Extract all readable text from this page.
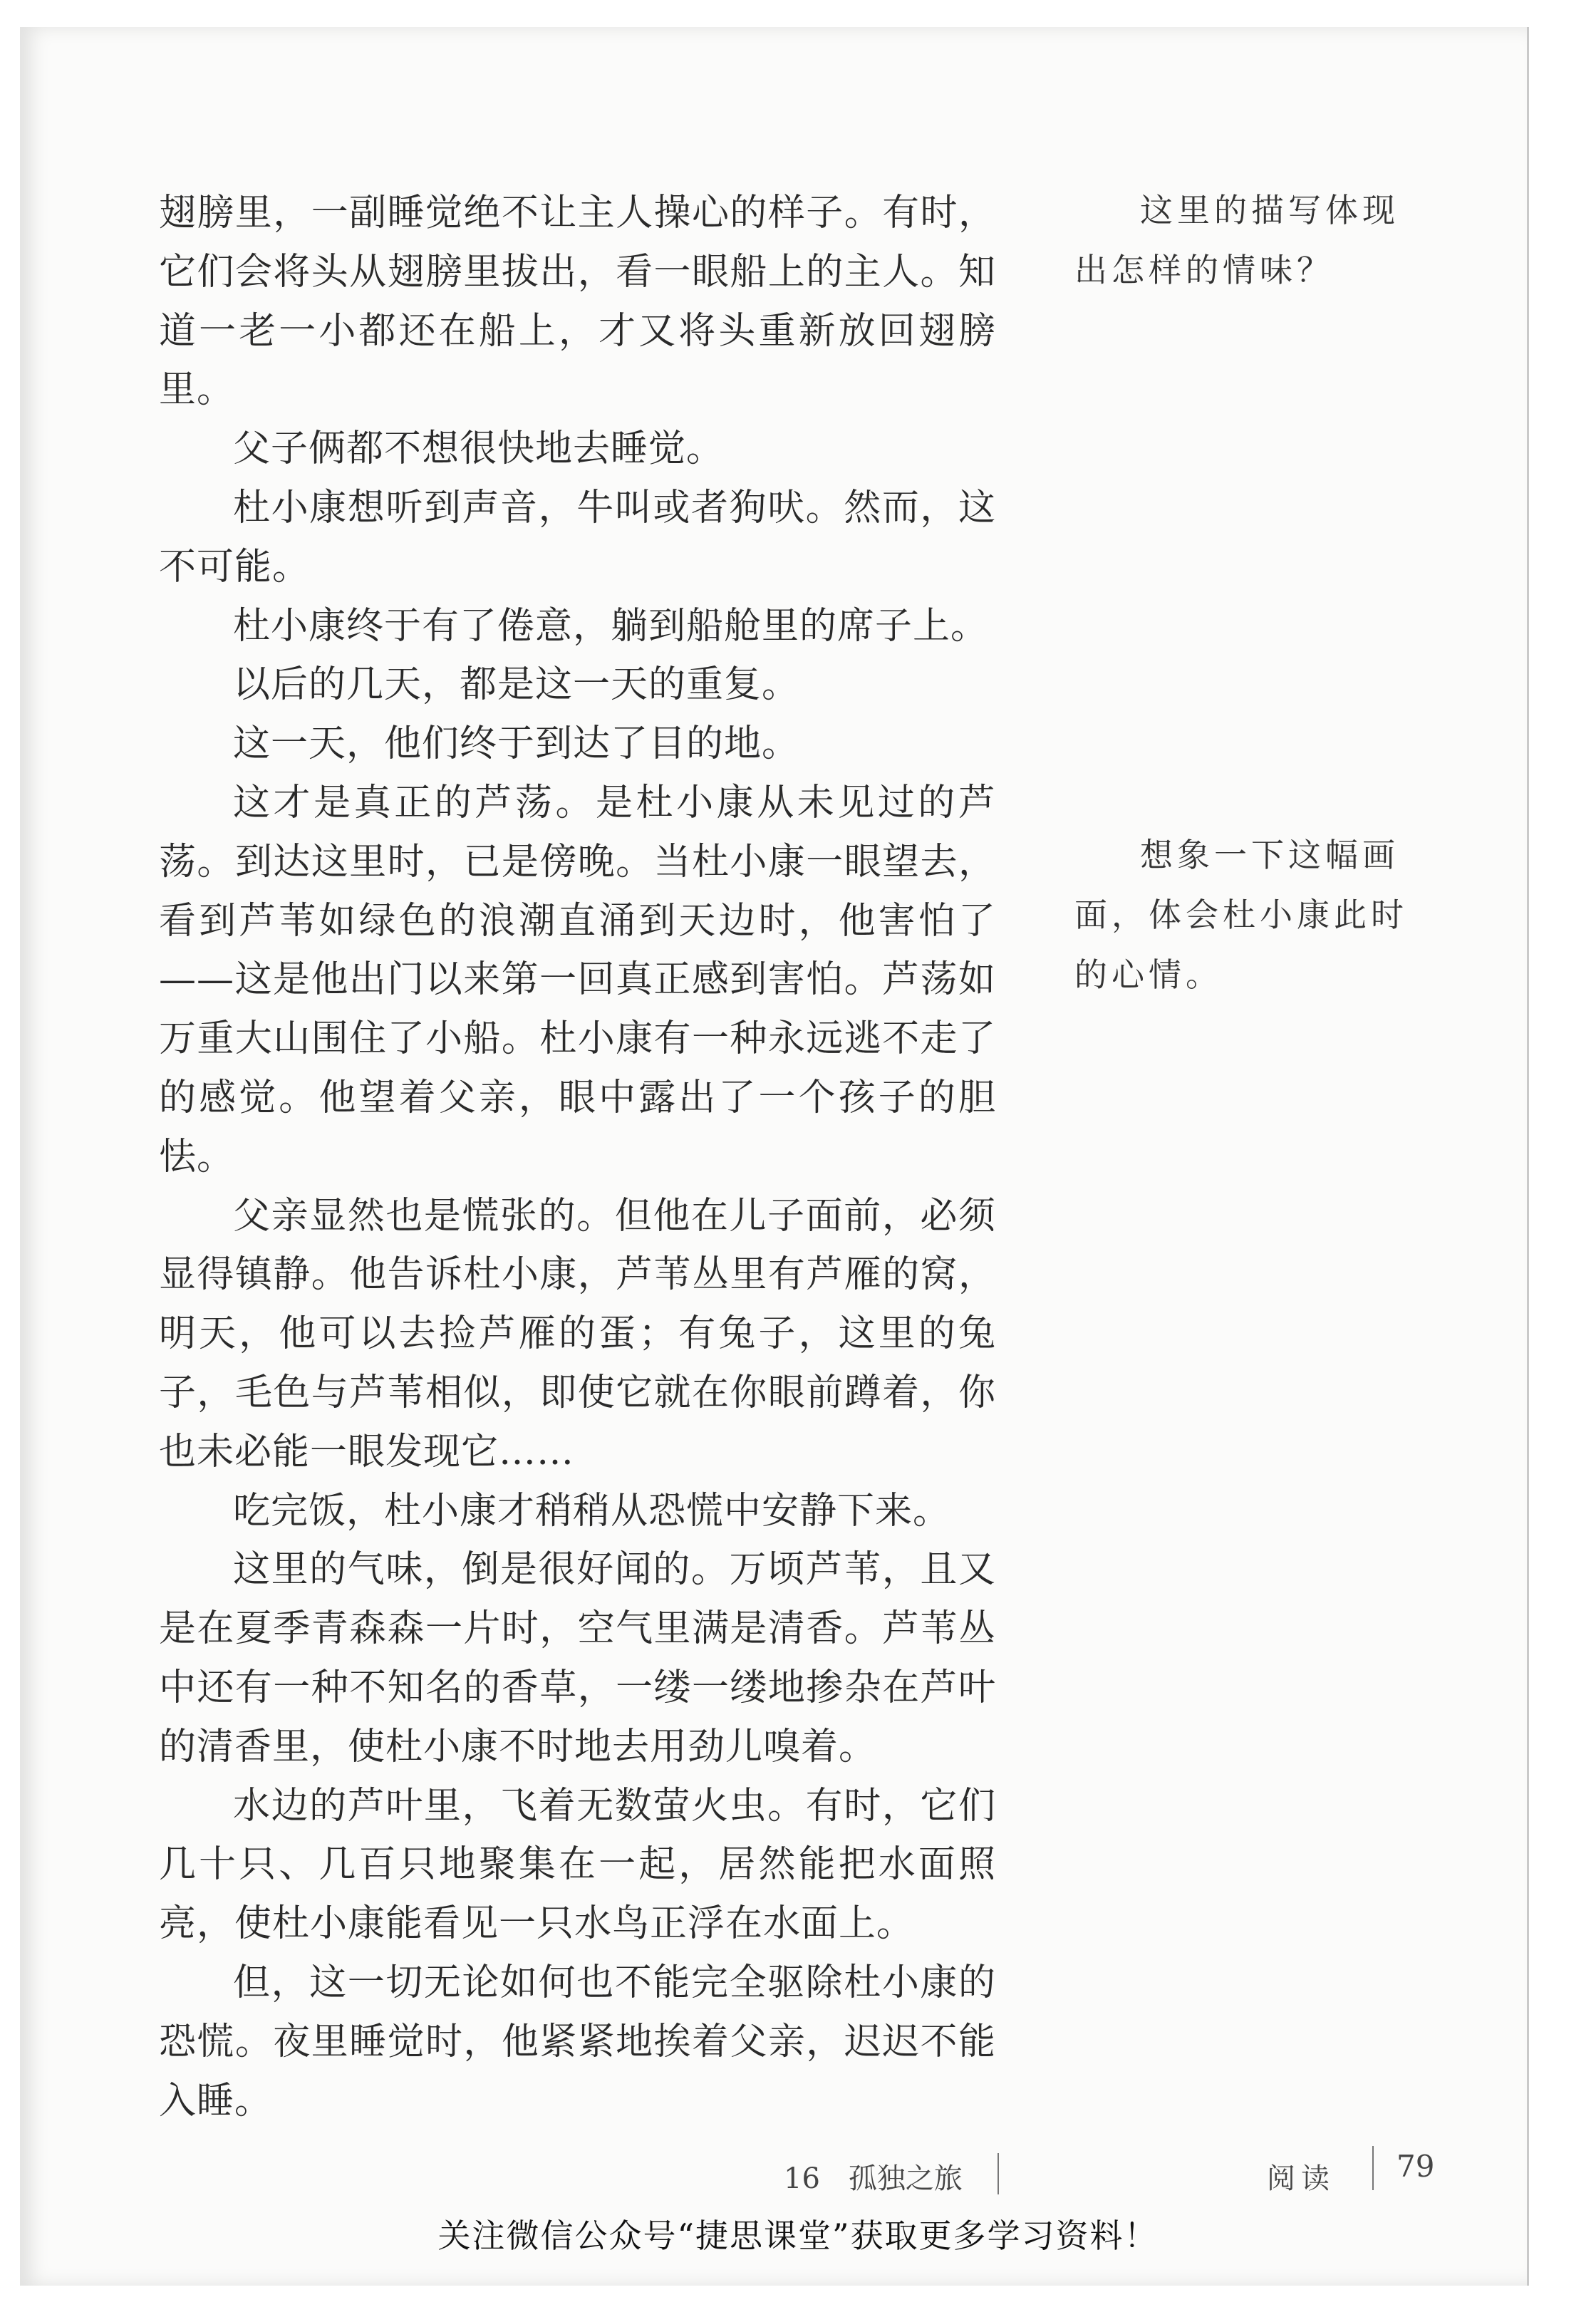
翅膀里，一副睡觉绝不让主人操心的样子。有时，它们会将头从翅膀里拔出，看一眼船上的主人。知道一老一小都还在船上，才又将头重新放回翅膀里。

父子俩都不想很快地去睡觉。

杜小康想听到声音，牛叫或者狗吠。然而，这不可能。

杜小康终于有了倦意，躺到船舱里的席子上。

以后的几天，都是这一天的重复。

这一天，他们终于到达了目的地。

这才是真正的芦荡。是杜小康从未见过的芦荡。到达这里时，已是傍晚。当杜小康一眼望去，看到芦苇如绿色的浪潮直涌到天边时，他害怕了——这是他出门以来第一回真正感到害怕。芦荡如万重大山围住了小船。杜小康有一种永远逃不走了的感觉。他望着父亲，眼中露出了一个孩子的胆怯。

父亲显然也是慌张的。但他在儿子面前，必须显得镇静。他告诉杜小康，芦苇丛里有芦雁的窝，明天，他可以去捡芦雁的蛋；有兔子，这里的兔子，毛色与芦苇相似，即使它就在你眼前蹲着，你也未必能一眼发现它……

吃完饭，杜小康才稍稍从恐慌中安静下来。

这里的气味，倒是很好闻的。万顷芦苇，且又是在夏季青森森一片时，空气里满是清香。芦苇丛中还有一种不知名的香草，一缕一缕地掺杂在芦叶的清香里，使杜小康不时地去用劲儿嗅着。

水边的芦叶里，飞着无数萤火虫。有时，它们几十只、几百只地聚集在一起，居然能把水面照亮，使杜小康能看见一只水鸟正浮在水面上。

但，这一切无论如何也不能完全驱除杜小康的恐慌。夜里睡觉时，他紧紧地挨着父亲，迟迟不能入睡。

这里的描写体现出怎样的情味？

想象一下这幅画面，体会杜小康此时的心情。

16　孤独之旅	阅读 79
关注微信公众号“捷思课堂”获取更多学习资料！
